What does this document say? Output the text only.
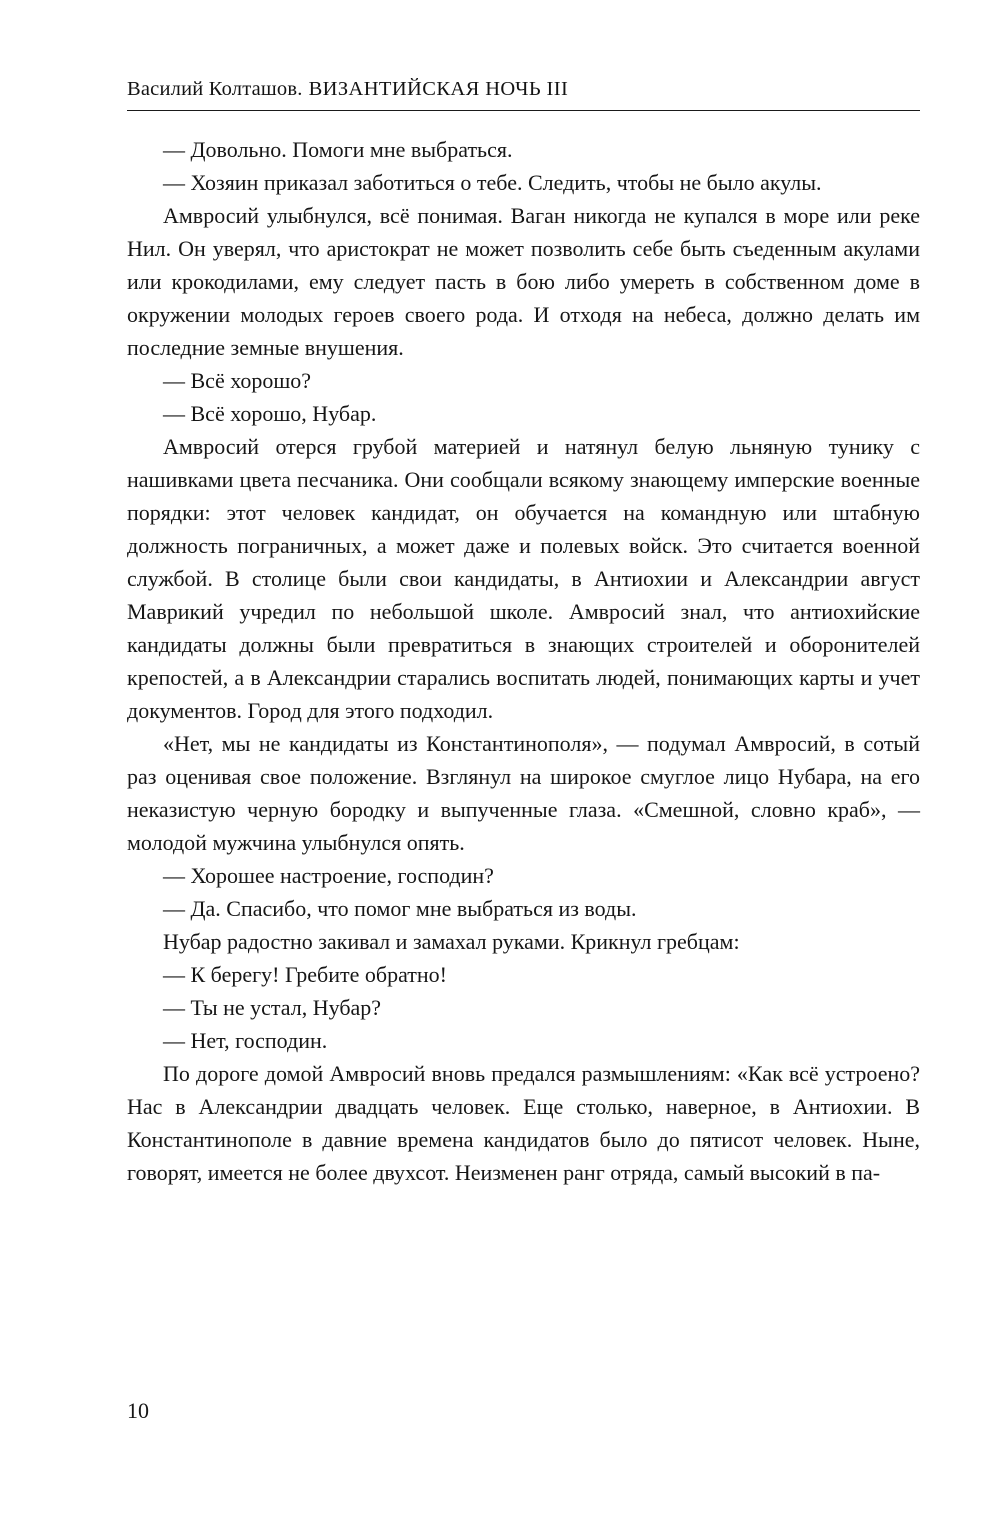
Василий Колташов. ВИЗАНТИЙСКАЯ НОЧЬ III

— Довольно. Помоги мне выбраться.

— Хозяин приказал заботиться о тебе. Следить, чтобы не было акулы.

Амвросий улыбнулся, всё понимая. Ваган никогда не купался в море или реке Нил. Он уверял, что аристократ не может позволить себе быть съеденным акулами или крокодилами, ему следует пасть в бою либо умереть в собственном доме в окружении молодых героев своего рода. И отходя на небеса, должно делать им последние земные внушения.

— Всё хорошо?

— Всё хорошо, Нубар.

Амвросий отерся грубой материей и натянул белую льняную тунику с нашивками цвета песчаника. Они сообщали всякому знающему имперские военные порядки: этот человек кандидат, он обучается на командную или штабную должность пограничных, а может даже и полевых войск. Это считается военной службой. В столице были свои кандидаты, в Антиохии и Александрии август Маврикий учредил по небольшой школе. Амвросий знал, что антиохийские кандидаты должны были превратиться в знающих строителей и оборонителей крепостей, а в Александрии старались воспитать людей, понимающих карты и учет документов. Город для этого подходил.

«Нет, мы не кандидаты из Константинополя», — подумал Амвросий, в сотый раз оценивая свое положение. Взглянул на широкое смуглое лицо Нубара, на его неказистую черную бородку и выпученные глаза. «Смешной, словно краб», — молодой мужчина улыбнулся опять.

— Хорошее настроение, господин?

— Да. Спасибо, что помог мне выбраться из воды.

Нубар радостно закивал и замахал руками. Крикнул гребцам:

— К берегу! Гребите обратно!

— Ты не устал, Нубар?

— Нет, господин.

По дороге домой Амвросий вновь предался размышлениям: «Как всё устроено? Нас в Александрии двадцать человек. Еще столько, наверное, в Антиохии. В Константинополе в давние времена кандидатов было до пятисот человек. Ныне, говорят, имеется не более двухсот. Неизменен ранг отряда, самый высокий в па-

10
